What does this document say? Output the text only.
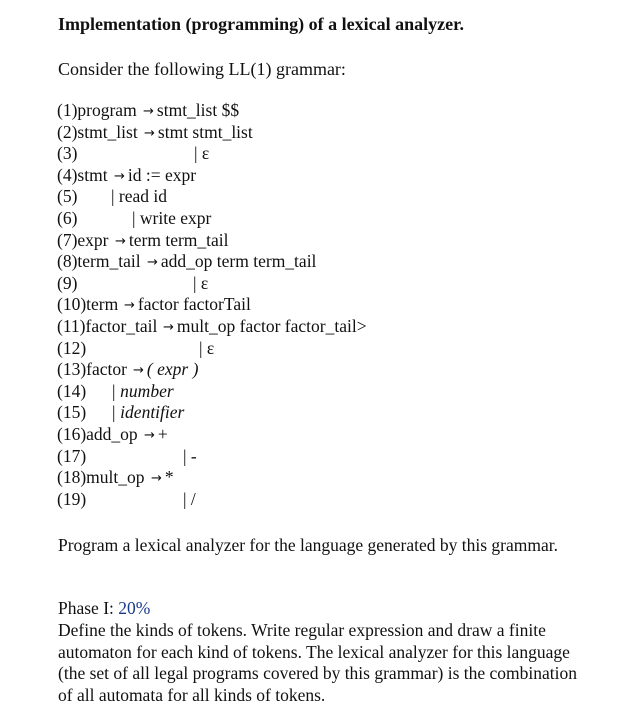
Implementation (programming) of a lexical analyzer.
Consider the following LL(1) grammar:
(1)program → stmt_list $$
(2)stmt_list → stmt stmt_list
(3)	| ε
(4)stmt → id := expr
(5) | read id
(6)	| write expr
(7)expr → term term_tail
(8)term_tail → add_op term term_tail
(9)	| ε
(10)term → factor factorTail
(11)factor_tail → mult_op factor factor_tail>
(12)	| ε
(13)factor → ( expr )
(14) | number
(15) | identifier
(16)add_op → +
(17)	| -
(18)mult_op → *
(19)	| /
Program a lexical analyzer for the language generated by this grammar.
Phase I: 20%
Define the kinds of tokens. Write regular expression and draw a finite automaton for each kind of tokens. The lexical analyzer for this language (the set of all legal programs covered by this grammar) is the combination of all automata for all kinds of tokens.
